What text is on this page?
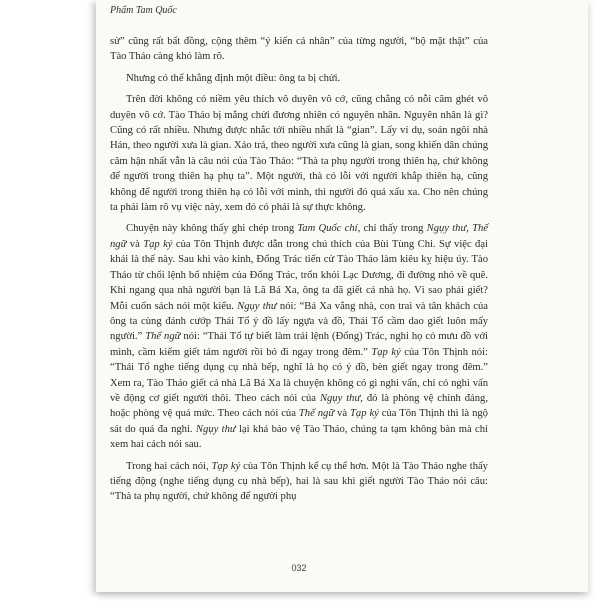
Phẩm Tam Quốc

sử” cũng rất bất đồng, cộng thêm “ý kiến cá nhân” của từng người, “bộ mặt thật” của Tào Tháo càng khó làm rõ.

Nhưng có thể khẳng định một điều: ông ta bị chửi.

Trên đời không có niềm yêu thích vô duyên vô cớ, cũng chẳng có nỗi căm ghét vô duyên vô cớ. Tào Tháo bị mắng chửi đương nhiên có nguyên nhân. Nguyên nhân là gì? Cũng có rất nhiều. Nhưng được nhắc tới nhiều nhất là “gian”. Lấy ví dụ, soán ngôi nhà Hán, theo người xưa là gian. Xảo trá, theo người xưa cũng là gian, song khiến dân chúng căm hận nhất vẫn là câu nói của Tào Tháo: “Thà ta phụ người trong thiên hạ, chứ không để người trong thiên hạ phụ ta”. Một người, thà có lỗi với người khắp thiên hạ, cũng không để người trong thiên hạ có lỗi với mình, thì người đó quá xấu xa. Cho nên chúng ta phải làm rõ vụ việc này, xem đó có phải là sự thực không.

Chuyện này không thấy ghi chép trong Tam Quốc chí, chỉ thấy trong Ngụy thư, Thế ngữ và Tạp ký của Tôn Thịnh được dẫn trong chú thích của Bùi Tùng Chi. Sự việc đại khái là thế này. Sau khi vào kinh, Đổng Trác tiến cử Tào Tháo làm kiêu kỵ hiệu úy. Tào Tháo từ chối lệnh bổ nhiệm của Đổng Trác, trốn khỏi Lạc Dương, đi đường nhỏ về quê. Khi ngang qua nhà người bạn là Lã Bá Xa, ông ta đã giết cả nhà họ. Vì sao phải giết? Mỗi cuốn sách nói một kiểu. Ngụy thư nói: “Bá Xa vắng nhà, con trai và tân khách của ông ta cùng đánh cướp Thái Tổ ý đồ lấy ngựa và đồ, Thái Tổ cầm dao giết luôn mấy người.” Thế ngữ nói: “Thái Tổ tự biết làm trái lệnh (Đổng) Trác, nghi họ có mưu đồ với mình, cầm kiếm giết tám người rồi bỏ đi ngay trong đêm.” Tạp ký của Tôn Thịnh nói: “Thái Tổ nghe tiếng dụng cụ nhà bếp, nghĩ là họ có ý đồ, bèn giết ngay trong đêm.” Xem ra, Tào Tháo giết cả nhà Lã Bá Xa là chuyện không có gì nghi vấn, chỉ có nghi vấn về động cơ giết người thôi. Theo cách nói của Ngụy thư, đó là phòng vệ chính đáng, hoặc phòng vệ quá mức. Theo cách nói của Thế ngữ và Tạp ký của Tôn Thịnh thì là ngộ sát do quá đa nghi. Ngụy thư lại khá bảo vệ Tào Tháo, chúng ta tạm không bàn mà chỉ xem hai cách nói sau.

Trong hai cách nói, Tạp ký của Tôn Thịnh kể cụ thể hơn. Một là Tào Tháo nghe thấy tiếng động (nghe tiếng dụng cụ nhà bếp), hai là sau khi giết người Tào Tháo nói câu: “Thà ta phụ người, chứ không để người phụ

032
